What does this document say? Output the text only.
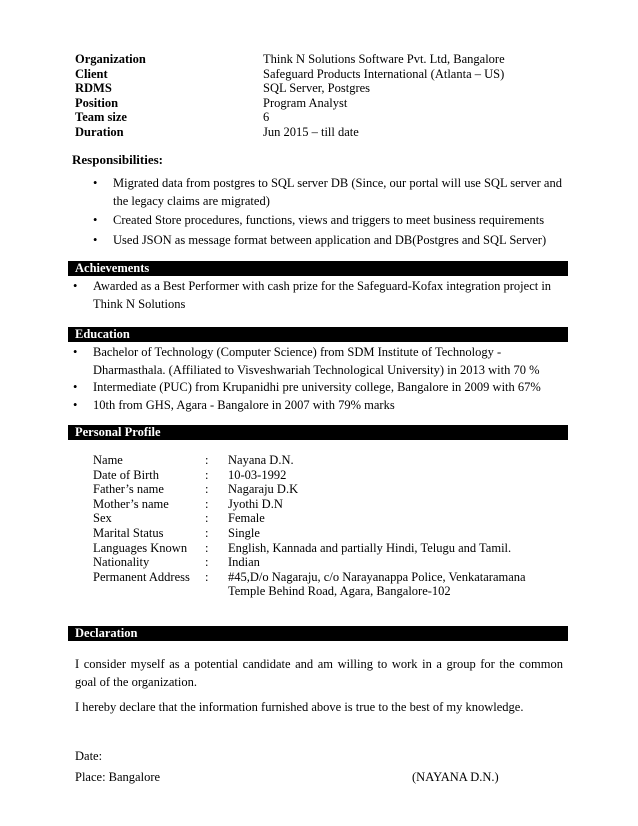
Organization	Think N Solutions Software Pvt. Ltd, Bangalore
Client	Safeguard Products International (Atlanta – US)
RDMS	SQL Server, Postgres
Position	Program Analyst
Team size	6
Duration	Jun 2015 – till date
Responsibilities:
• Migrated data from postgres to SQL server DB (Since, our portal will use SQL server and the legacy claims are migrated)
• Created Store procedures, functions, views and triggers to meet business requirements
• Used JSON as message format between application and DB(Postgres and SQL Server)
Achievements
• Awarded as a Best Performer with cash prize for the Safeguard-Kofax integration project in Think N Solutions
Education
• Bachelor of Technology (Computer Science) from SDM Institute of Technology - Dharmasthala. (Affiliated to Visveshwariah Technological University) in 2013 with 70 %
• Intermediate (PUC) from Krupanidhi pre university college, Bangalore in 2009 with 67%
• 10th from GHS, Agara - Bangalore in 2007 with 79% marks
Personal Profile
Name	:	Nayana D.N.
Date of Birth	:	10-03-1992
Father’s name	:	Nagaraju D.K
Mother’s name	:	Jyothi D.N
Sex	:	Female
Marital Status	:	Single
Languages Known	:	English, Kannada and partially Hindi, Telugu and Tamil.
Nationality	:	Indian
Permanent Address	:	#45,D/o Nagaraju, c/o Narayanappa Police, Venkataramana Temple Behind Road, Agara, Bangalore-102
Declaration
I consider myself as a potential candidate and am willing to work in a group for the common goal of the organization.
I hereby declare that the information furnished above is true to the best of my knowledge.
Date:
Place: Bangalore	(NAYANA D.N.)
